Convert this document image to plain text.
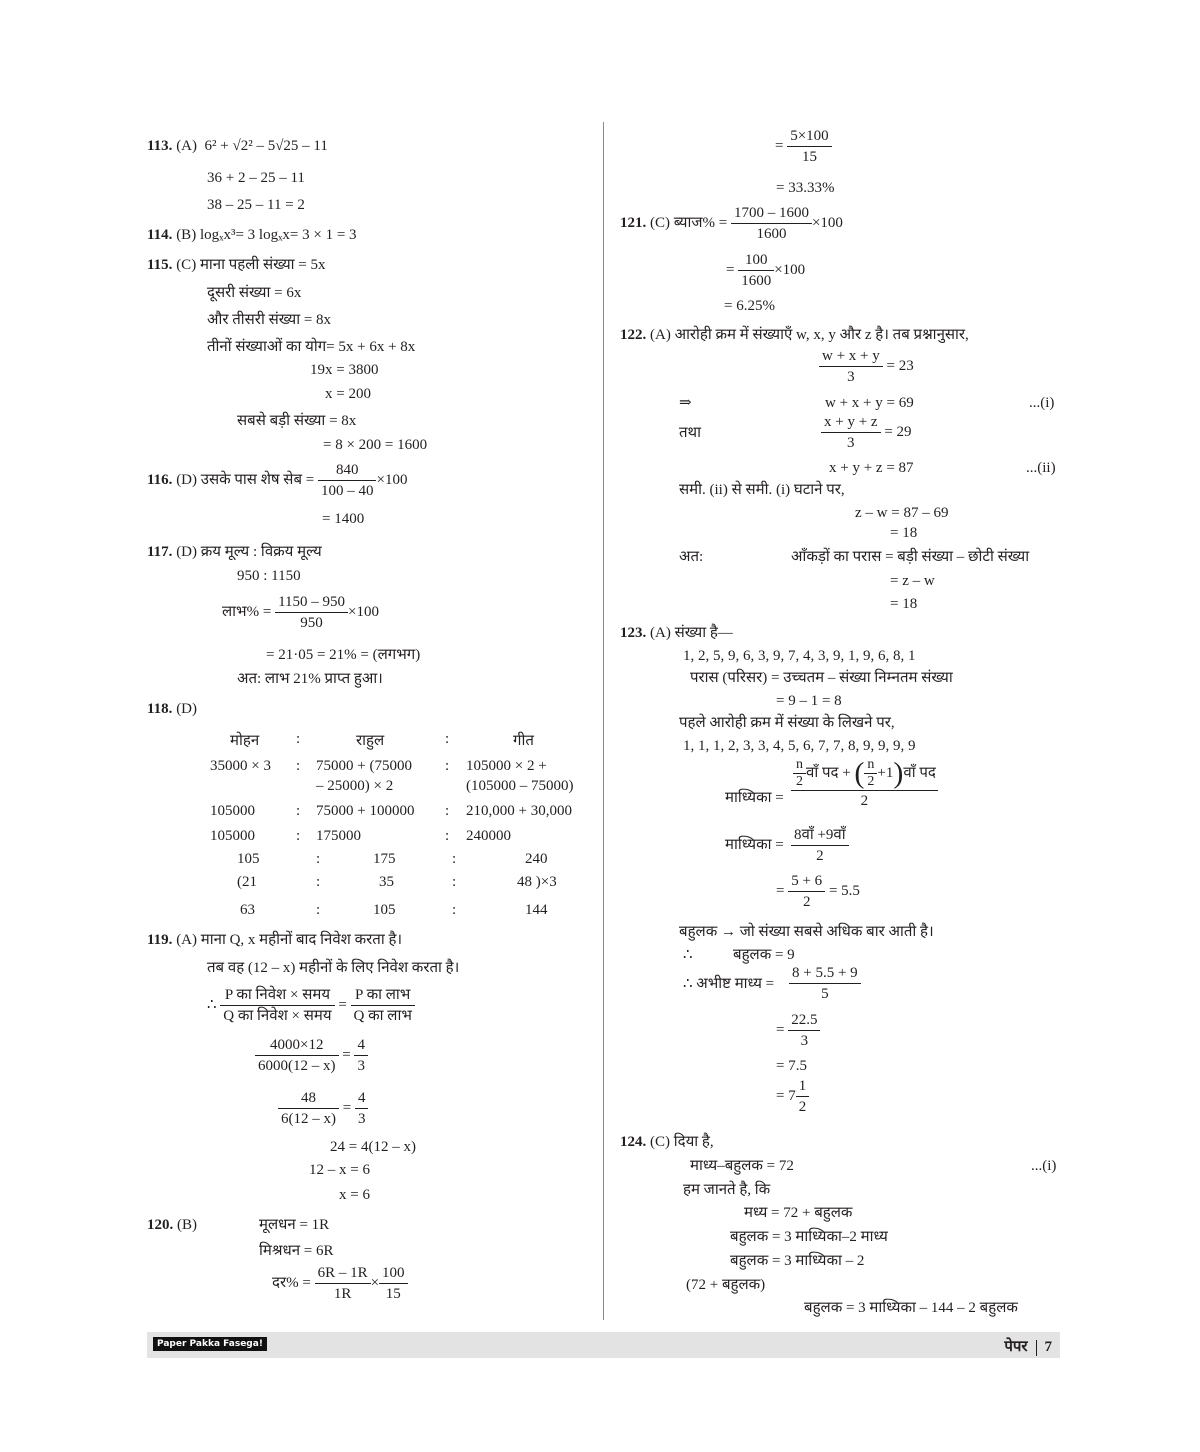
113. (A) 6² + √2² – 5√25 – 11
36 + 2 – 25 – 11
38 – 25 – 11 = 2
114. (B) logₓx³= 3 logₓx= 3 × 1 = 3
115. (C) माना पहली संख्या = 5x
दूसरी संख्या = 6x
और तीसरी संख्या = 8x
तीनों संख्याओं का योग= 5x + 6x + 8x
19x = 3800
x = 200
सबसे बड़ी संख्या = 8x
= 8 × 200 = 1600
116. (D) उसके पास शेष सेब = $\frac{840}{100 - 40} \times 100$
= 1400
117. (D) क्रय मूल्य : विक्रय मूल्य
950 : 1150
लाभ% = $\frac{1150 - 950}{950} \times 100$
= 21·05 = 21% = (लगभग)
अत: लाभ 21% प्राप्त हुआ।
118. (D)
मोहन :	राहुल	:	गीत
35000 × 3 : 75000 + (75000 : 105000 × 2 +
– 25000) × 2	(105000 – 75000)
105000	: 75000 + 100000 : 210,000 + 30,000
105000	: 175000	: 240000
105	:	175	:	240
(21	:	35	:	48 )×3
63	:	105	:	144
119. (A) माना Q, x महीनों बाद निवेश करता है।
तब वह (12 – x) महीनों के लिए निवेश करता है।
∴ $\frac{\text{P का निवेश × समय}}{\text{Q का निवेश × समय}} = \frac{\text{P का लाभ}}{\text{Q का लाभ}}$
$\frac{4000\times 12}{6000(12 - x)} = \frac{4}{3}$
$\frac{48}{6(12 - x)} = \frac{4}{3}$
24 = 4(12 – x)
12 – x = 6
x = 6
120. (B)	मूलधन = 1R
मिश्रधन = 6R
दर% = $\frac{6R - 1R}{1R} \times \frac{100}{15}$
= $\frac{5\times 100}{15}$
= 33.33%
121. (C) ब्याज% = $\frac{1700 - 1600}{1600} \times 100$
= $\frac{100}{1600} \times 100$
= 6.25%
122. (A) आरोही क्रम में संख्याएँ w, x, y और z है। तब प्रश्नानुसार,
$\frac{w + x + y}{3} = 23$
⇒	w + x + y = 69	...(i)
तथा	$\frac{x + y + z}{3} = 29$
x + y + z = 87	...(ii)
समी. (ii) से समी. (i) घटाने पर,
z – w = 87 – 69
= 18
अत:	आँकड़ों का परास = बड़ी संख्या – छोटी संख्या
= z – w
= 18
123. (A) संख्या है—
1, 2, 5, 9, 6, 3, 9, 7, 4, 3, 9, 1, 9, 6, 8, 1
परास (परिसर) = उच्चतम – संख्या निम्नतम संख्या
= 9 – 1 = 8
पहले आरोही क्रम में संख्या के लिखने पर,
1, 1, 1, 2, 3, 3, 4, 5, 6, 7, 7, 8, 9, 9, 9, 9
माध्यिका =
$\frac{n}{2}$ वाँ पद + ( $\frac{n}{2}$ +1)वाँ पद
2
माध्यिका = $\frac{\text{8वाँ +9वाँ}}{2}$
= $\frac{5 + 6}{2} = 5.5$
बहुलक → जो संख्या सबसे अधिक बार आती है।
∴	बहुलक = 9
∴ अभीष्ट माध्य = $\frac{8 + 5.5 + 9}{5}$
= $\frac{22.5}{3}$
= 7.5
= $7 \frac{1}{2}$
124. (C) दिया है,
माध्य–बहुलक = 72	...(i)
हम जानते है, कि
मध्य = 72 + बहुलक
बहुलक = 3 माध्यिका–2 माध्य
बहुलक = 3 माध्यिका – 2
(72 + बहुलक)
बहुलक = 3 माध्यिका – 144 – 2 बहुलक
Paper Pakka Fasega!	पेपर 7
